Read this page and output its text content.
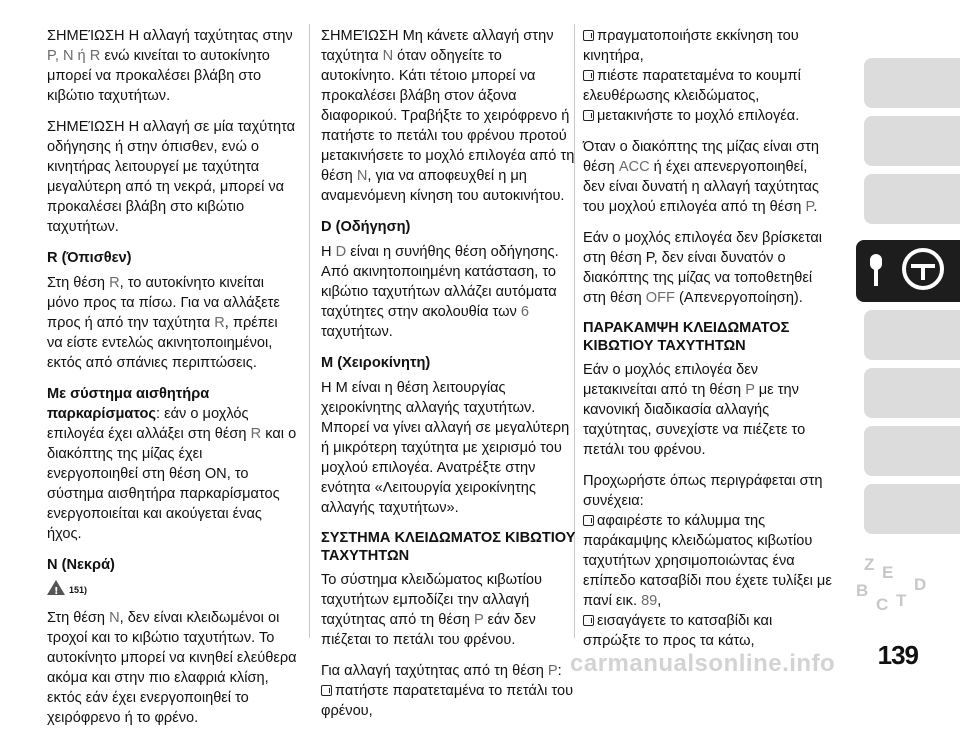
ΣΗΜΕΊΩΣΗ Η αλλαγή ταχύτητας στην P, N ή R ενώ κινείται το αυτοκίνητο μπορεί να προκαλέσει βλάβη στο κιβώτιο ταχυτήτων.

ΣΗΜΕΊΩΣΗ Η αλλαγή σε μία ταχύτητα οδήγησης ή στην όπισθεν, ενώ ο κινητήρας λειτουργεί με ταχύτητα μεγαλύτερη από τη νεκρά, μπορεί να προκαλέσει βλάβη στο κιβώτιο ταχυτήτων.

R (Όπισθεν)

Στη θέση R, το αυτοκίνητο κινείται μόνο προς τα πίσω. Για να αλλάξετε προς ή από την ταχύτητα R, πρέπει να είστε εντελώς ακινητοποιημένοι, εκτός από σπάνιες περιπτώσεις.

Με σύστημα αισθητήρα παρκαρίσματος: εάν ο μοχλός επιλογέα έχει αλλάξει στη θέση R και ο διακόπτης της μίζας έχει ενεργοποιηθεί στη θέση ON, το σύστημα αισθητήρα παρκαρίσματος ενεργοποιείται και ακούγεται ένας ήχος.

N (Νεκρά)
!
151)

Στη θέση N, δεν είναι κλειδωμένοι οι τροχοί και το κιβώτιο ταχυτήτων. Το αυτοκίνητο μπορεί να κινηθεί ελεύθερα ακόμα και στην πιο ελαφριά κλίση, εκτός εάν έχει ενεργοποιηθεί το χειρόφρενο ή το φρένο.

ΣΗΜΕΊΩΣΗ Μη κάνετε αλλαγή στην ταχύτητα N όταν οδηγείτε το αυτοκίνητο. Κάτι τέτοιο μπορεί να προκαλέσει βλάβη στον άξονα διαφορικού. Τραβήξτε το χειρόφρενο ή πατήστε το πετάλι του φρένου προτού μετακινήσετε το μοχλό επιλογέα από τη θέση N, για να αποφευχθεί η μη αναμενόμενη κίνηση του αυτοκινήτου.

D (Οδήγηση)

Η D είναι η συνήθης θέση οδήγησης. Από ακινητοποιημένη κατάσταση, το κιβώτιο ταχυτήτων αλλάζει αυτόματα ταχύτητες στην ακολουθία των 6 ταχυτήτων.

M (Χειροκίνητη)

Η M είναι η θέση λειτουργίας χειροκίνητης αλλαγής ταχυτήτων. Μπορεί να γίνει αλλαγή σε μεγαλύτερη ή μικρότερη ταχύτητα με χειρισμό του μοχλού επιλογέα. Ανατρέξτε στην ενότητα «Λειτουργία χειροκίνητης αλλαγής ταχυτήτων».

ΣΥΣΤΗΜΑ ΚΛΕΙΔΩΜΑΤΟΣ ΚΙΒΩΤΙΟΥ ΤΑΧΥΤΗΤΩΝ

Το σύστημα κλειδώματος κιβωτίου ταχυτήτων εμποδίζει την αλλαγή ταχύτητας από τη θέση P εάν δεν πιέζεται το πετάλι του φρένου.

Για αλλαγή ταχύτητας από τη θέση P:

πατήστε παρατεταμένα το πετάλι του φρένου,
πραγματοποιήστε εκκίνηση του κινητήρα,
πιέστε παρατεταμένα το κουμπί ελευθέρωσης κλειδώματος,
μετακινήστε το μοχλό επιλογέα.

Όταν ο διακόπτης της μίζας είναι στη θέση ACC ή έχει απενεργοποιηθεί, δεν είναι δυνατή η αλλαγή ταχύτητας του μοχλού επιλογέα από τη θέση P.

Εάν ο μοχλός επιλογέα δεν βρίσκεται στη θέση P, δεν είναι δυνατόν ο διακόπτης της μίζας να τοποθετηθεί στη θέση OFF (Απενεργοποίηση).

ΠΑΡΑΚΑΜΨΗ ΚΛΕΙΔΩΜΑΤΟΣ ΚΙΒΩΤΙΟΥ ΤΑΧΥΤΗΤΩΝ

Εάν ο μοχλός επιλογέα δεν μετακινείται από τη θέση P με την κανονική διαδικασία αλλαγής ταχύτητας, συνεχίστε να πιέζετε το πετάλι του φρένου.

Προχωρήστε όπως περιγράφεται στη συνέχεια:

αφαιρέστε το κάλυμμα της παράκαμψης κλειδώματος κιβωτίου ταχυτήτων χρησιμοποιώντας ένα επίπεδο κατσαβίδι που έχετε τυλίξει με πανί εικ. 89,
εισαγάγετε το κατσαβίδι και σπρώξτε το προς τα κάτω,
Z E
B
C T
D
139
carmanualsonline.info
